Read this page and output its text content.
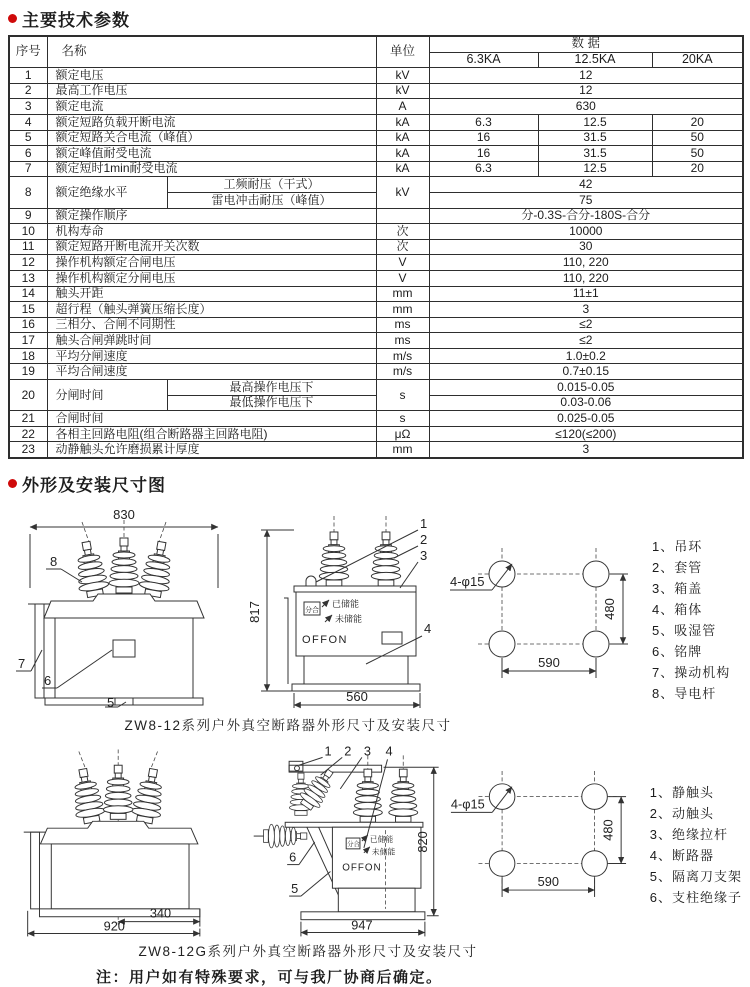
主要技术参数
序号	名称		单位	数 据		
				6.3KA	12.5KA	20KA
1	额定电压		kV	12		
2	最高工作电压		kV	12		
3	额定电流		A	630		
4	额定短路负载开断电流		kA	6.3	12.5	20
5	额定短路关合电流（峰值）		kA	16	31.5	50
6	额定峰值耐受电流		kA	16	31.5	50
7	额定短时1min耐受电流		kA	6.3	12.5	20
8	额定绝缘水平	工频耐压（干式）	kV	42		
		雷电冲击耐压（峰值）		75		
9	额定操作顺序			分-0.3S-合分-180S-合分		
10	机构寿命		次	10000		
11	额定短路开断电流开关次数		次	30		
12	操作机构额定合闸电压		V	110, 220		
13	操作机构额定分闸电压		V	110, 220		
14	触头开距		mm	11±1		
15	超行程（触头弹簧压缩长度）		mm	3		
16	三相分、合闸不同期性		ms	≤2		
17	触头合闸弹跳时间		ms	≤2		
18	平均分闸速度		m/s	1.0±0.2		
19	平均合闸速度		m/s	0.7±0.15		
20	分闸时间	最高操作电压下	s	0.015-0.05		
		最低操作电压下		0.03-0.06		
21	合闸时间		s	0.025-0.05		
22	各相主回路电阻(组合断路器主回路电阻)		μΩ	≤120(≤200)		
23	动静触头允许磨损累计厚度		mm	3		
外形及安装尺寸图
830
8
7
6
5
817	分合
已储能
未储能
OFFON
1
2
3
4
560
4-φ15
480
590
1、吊环
2、套管
3、箱盖
4、箱体
5、吸湿管
6、铭牌
7、操动机构
8、导电杆
ZW8-12系列户外真空断路器外形尺寸及安装尺寸
340
920
分合
已储能
未储能
OFFON
1 2 3 4
6
5
947
820
4-φ15
480
590
1、静触头
2、动触头
3、绝缘拉杆
4、断路器
5、隔离刀支架
6、支柱绝缘子
ZW8-12G系列户外真空断路器外形尺寸及安装尺寸
注：用户如有特殊要求，可与我厂协商后确定。
